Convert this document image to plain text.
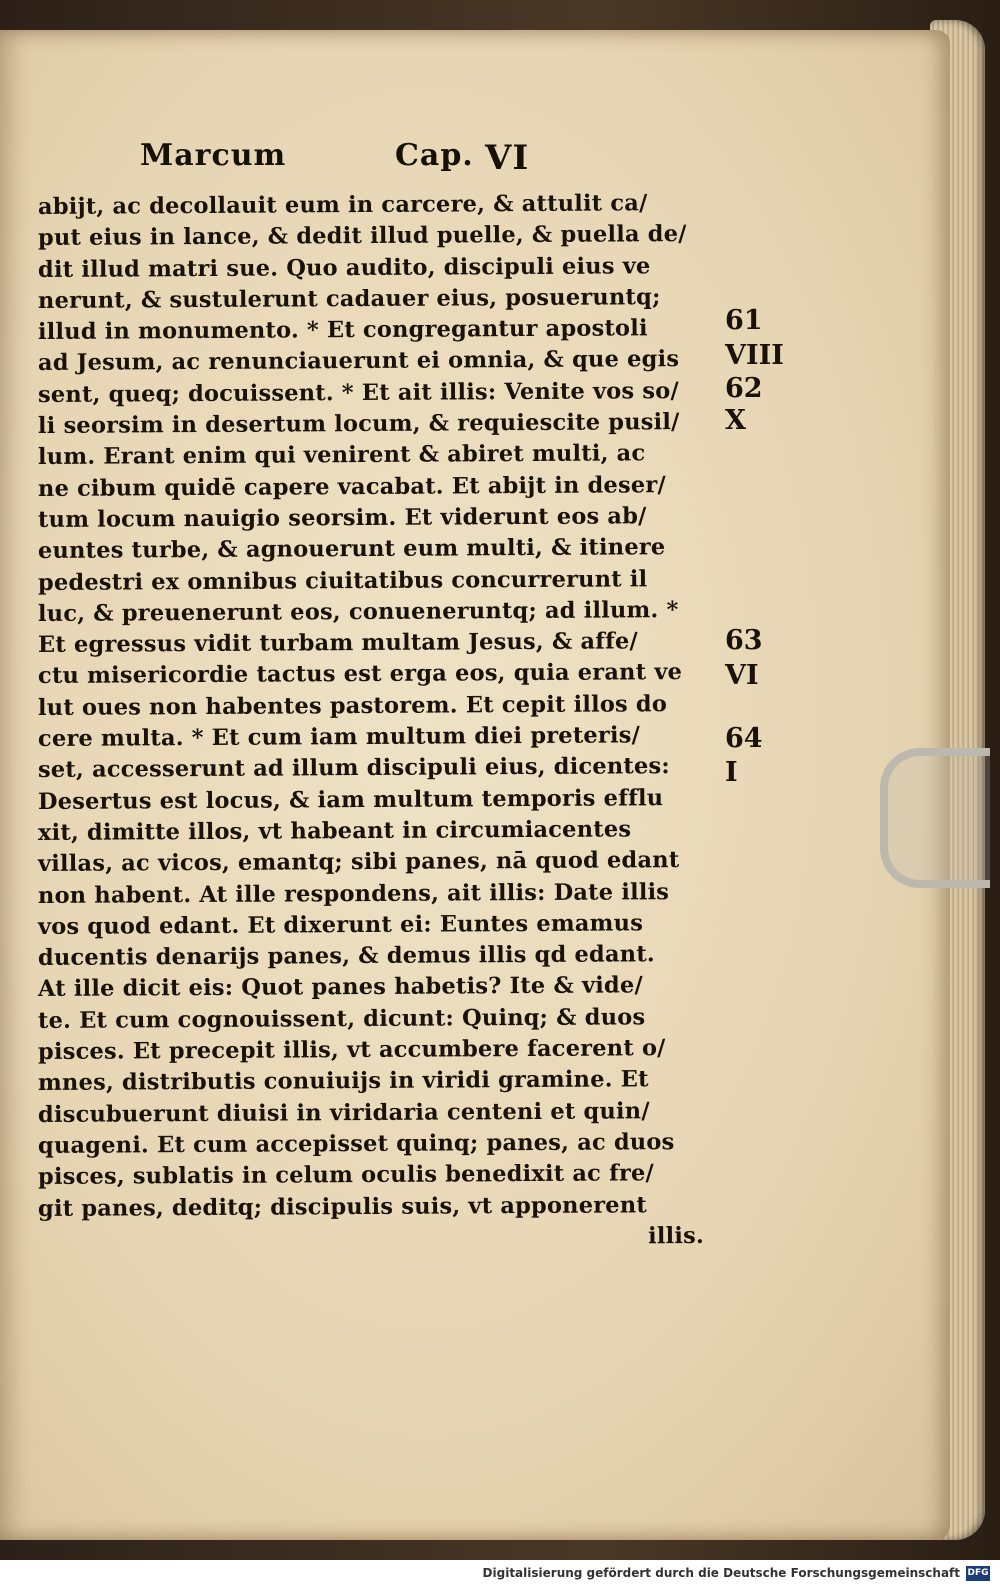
Marcum	Cap. VI
abijt, ac decollauit eum in carcere, & attulit ca/
put eius in lance, & dedit illud puelle, & puella de/
dit illud matri sue. Quo audito, discipuli eius ve
nerunt, & sustulerunt cadauer eius, posueruntq;
illud in monumento. * Et congregantur apostoli
ad Jesum, ac renunciauerunt ei omnia, & que egis
sent, queq; docuissent. * Et ait illis: Venite vos so/
li seorsim in desertum locum, & requiescite pusil/
lum. Erant enim qui venirent & abiret multi, ac
ne cibum quidē capere vacabat. Et abijt in deser/
tum locum nauigio seorsim. Et viderunt eos ab/
euntes turbe, & agnouerunt eum multi, & itinere
pedestri ex omnibus ciuitatibus concurrerunt il
luc, & preuenerunt eos, conueneruntq; ad illum. *
Et egressus vidit turbam multam Jesus, & affe/
ctu misericordie tactus est erga eos, quia erant ve
lut oues non habentes pastorem. Et cepit illos do
cere multa. * Et cum iam multum diei preteris/
set, accesserunt ad illum discipuli eius, dicentes:
Desertus est locus, & iam multum temporis efflu
xit, dimitte illos, vt habeant in circumiacentes
villas, ac vicos, emantq; sibi panes, nā quod edant
non habent. At ille respondens, ait illis: Date illis
vos quod edant. Et dixerunt ei: Euntes emamus
ducentis denarijs panes, & demus illis qd edant.
At ille dicit eis: Quot panes habetis? Ite & vide/
te. Et cum cognouissent, dicunt: Quinq; & duos
pisces. Et precepit illis, vt accumbere facerent o/
mnes, distributis conuiuijs in viridi gramine. Et
discubuerunt diuisi in viridaria centeni et quin/
quageni. Et cum accepisset quinq; panes, ac duos
pisces, sublatis in celum oculis benedixit ac fre/
git panes, deditq; discipulis suis, vt apponerent
illis.
61
VIII
62
X
63
VI
64
I
Digitalisierung gefördert durch die Deutsche Forschungsgemeinschaft DFG
